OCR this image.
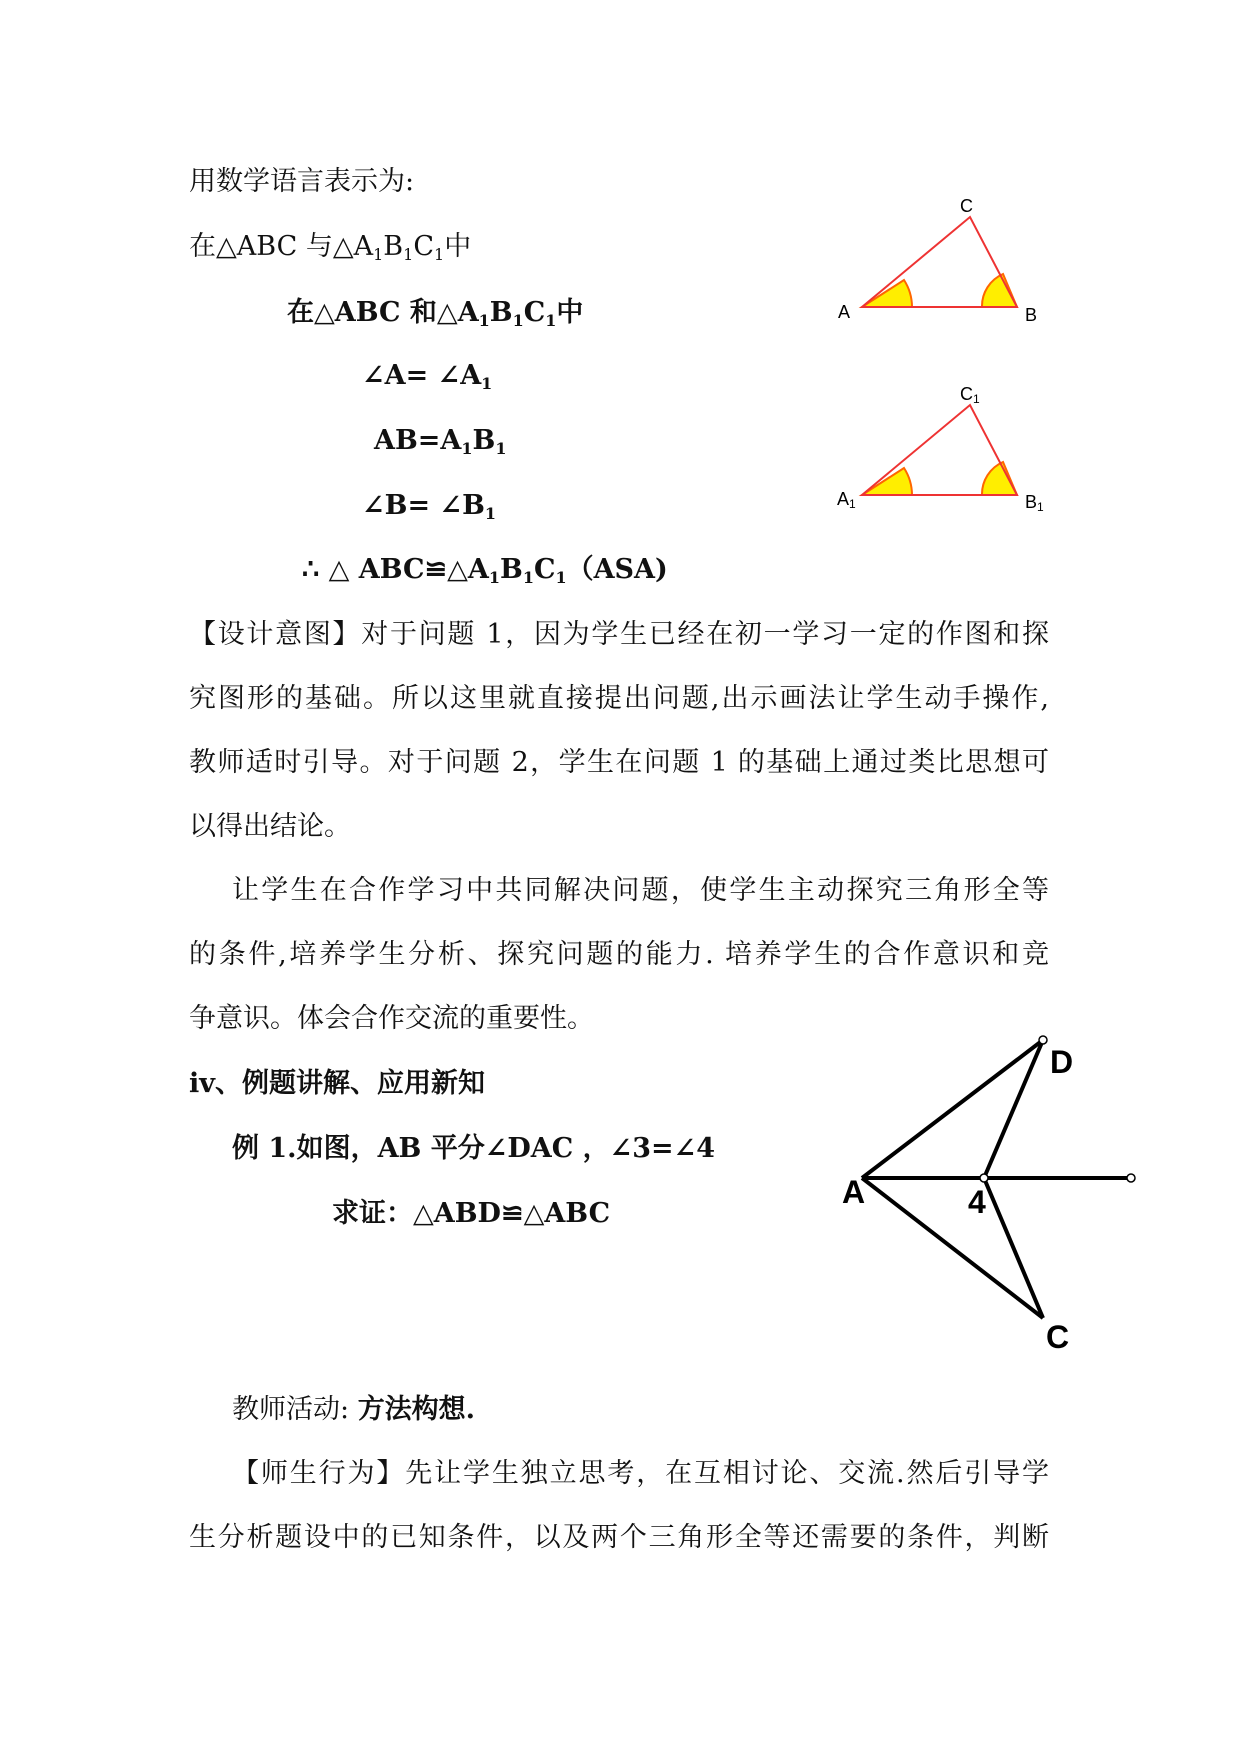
用数学语言表示为:
在△ABC 与$\triangle A_1B_1C_1$中
在△ABC 和$\triangle A_1B_1C_1$中
∠A= $\angle A_1$
$AB=A_1B_1$
∠B= $\angle B_1$
∴ △ $ABC≌\triangle A_1B_1C_1(ASA)$
【设计意图】对于问题 1，因为学生已经在初一学习一定的作图和探
究图形的基础。所以这里就直接提出问题,出示画法让学生动手操作,
教师适时引导。对于问题 2，学生在问题 1 的基础上通过类比思想可
以得出结论。
让学生在合作学习中共同解决问题，使学生主动探究三角形全等
的条件,培养学生分析、探究问题的能力. 培养学生的合作意识和竞
争意识。体会合作交流的重要性。
ⅳ、例题讲解、应用新知
例 1.如图，AB 平分∠DAC ，∠3=∠4
求证：△ABD≌△ABC
教师活动: 方法构想.
【师生行为】先让学生独立思考，在互相讨论、交流.然后引导学
生分析题设中的已知条件，以及两个三角形全等还需要的条件，判断
C
A	B
C1
A1	B1
D
A	4
C
